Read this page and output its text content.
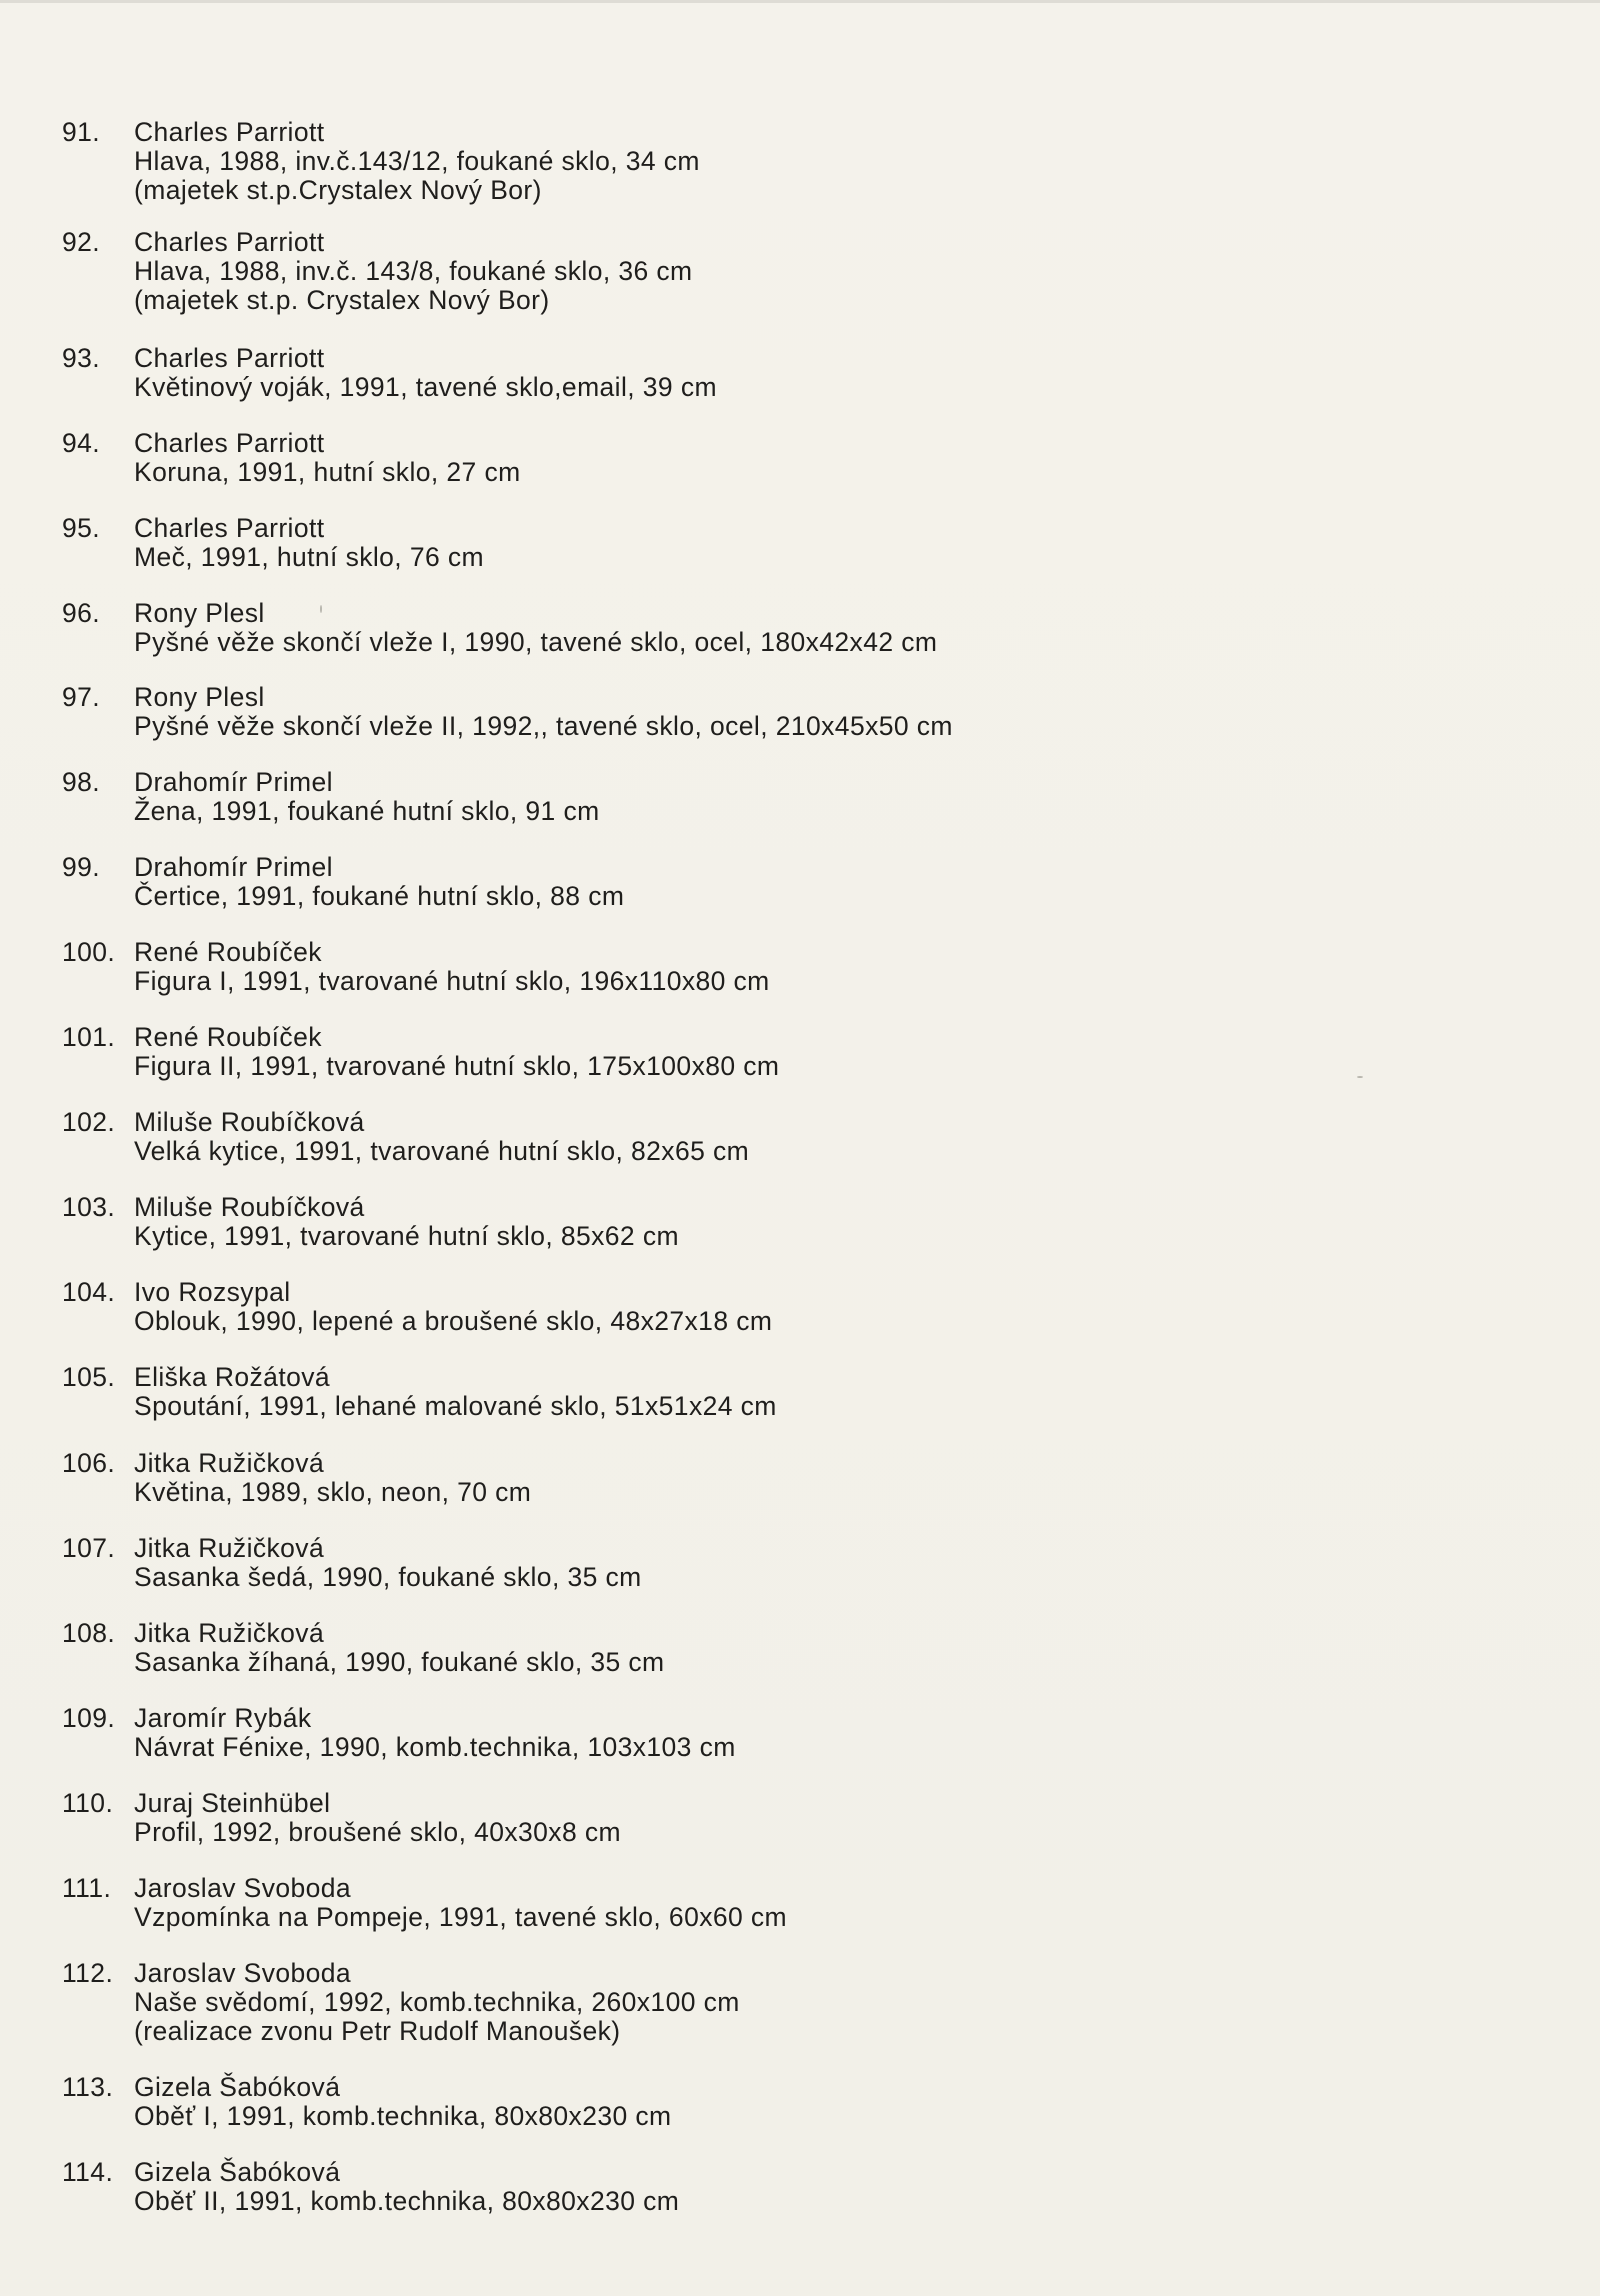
91.	Charles Parriott
Hlava, 1988, inv.č.143/12, foukané sklo, 34 cm
(majetek st.p.Crystalex Nový Bor)
92.	Charles Parriott
Hlava, 1988, inv.č. 143/8, foukané sklo, 36 cm
(majetek st.p. Crystalex Nový Bor)
93.	Charles Parriott
Květinový voják, 1991, tavené sklo,email, 39 cm
94.	Charles Parriott
Koruna, 1991, hutní sklo, 27 cm
95.	Charles Parriott
Meč, 1991, hutní sklo, 76 cm
96.	Rony Plesl
Pyšné věže skončí vleže I, 1990, tavené sklo, ocel, 180x42x42 cm
97.	Rony Plesl
Pyšné věže skončí vleže II, 1992,, tavené sklo, ocel, 210x45x50 cm
98.	Drahomír Primel
Žena, 1991, foukané hutní sklo, 91 cm
99.	Drahomír Primel
Čertice, 1991, foukané hutní sklo, 88 cm
100. René Roubíček
Figura I, 1991, tvarované hutní sklo, 196x110x80 cm
101. René Roubíček
Figura II, 1991, tvarované hutní sklo, 175x100x80 cm
102. Miluše Roubíčková
Velká kytice, 1991, tvarované hutní sklo, 82x65 cm
103. Miluše Roubíčková
Kytice, 1991, tvarované hutní sklo, 85x62 cm
104. Ivo Rozsypal
Oblouk, 1990, lepené a broušené sklo, 48x27x18 cm
105. Eliška Rožátová
Spoutání, 1991, lehané malované sklo, 51x51x24 cm
106. Jitka Ružičková
Květina, 1989, sklo, neon, 70 cm
107. Jitka Ružičková
Sasanka šedá, 1990, foukané sklo, 35 cm
108. Jitka Ružičková
Sasanka žíhaná, 1990, foukané sklo, 35 cm
109. Jaromír Rybák
Návrat Fénixe, 1990, komb.technika, 103x103 cm
110. Juraj Steinhübel
Profil, 1992, broušené sklo, 40x30x8 cm
111. Jaroslav Svoboda
Vzpomínka na Pompeje, 1991, tavené sklo, 60x60 cm
112. Jaroslav Svoboda
Naše svědomí, 1992, komb.technika, 260x100 cm
(realizace zvonu Petr Rudolf Manoušek)
113. Gizela Šabóková
Oběť I, 1991, komb.technika, 80x80x230 cm
114. Gizela Šabóková
Oběť II, 1991, komb.technika, 80x80x230 cm
